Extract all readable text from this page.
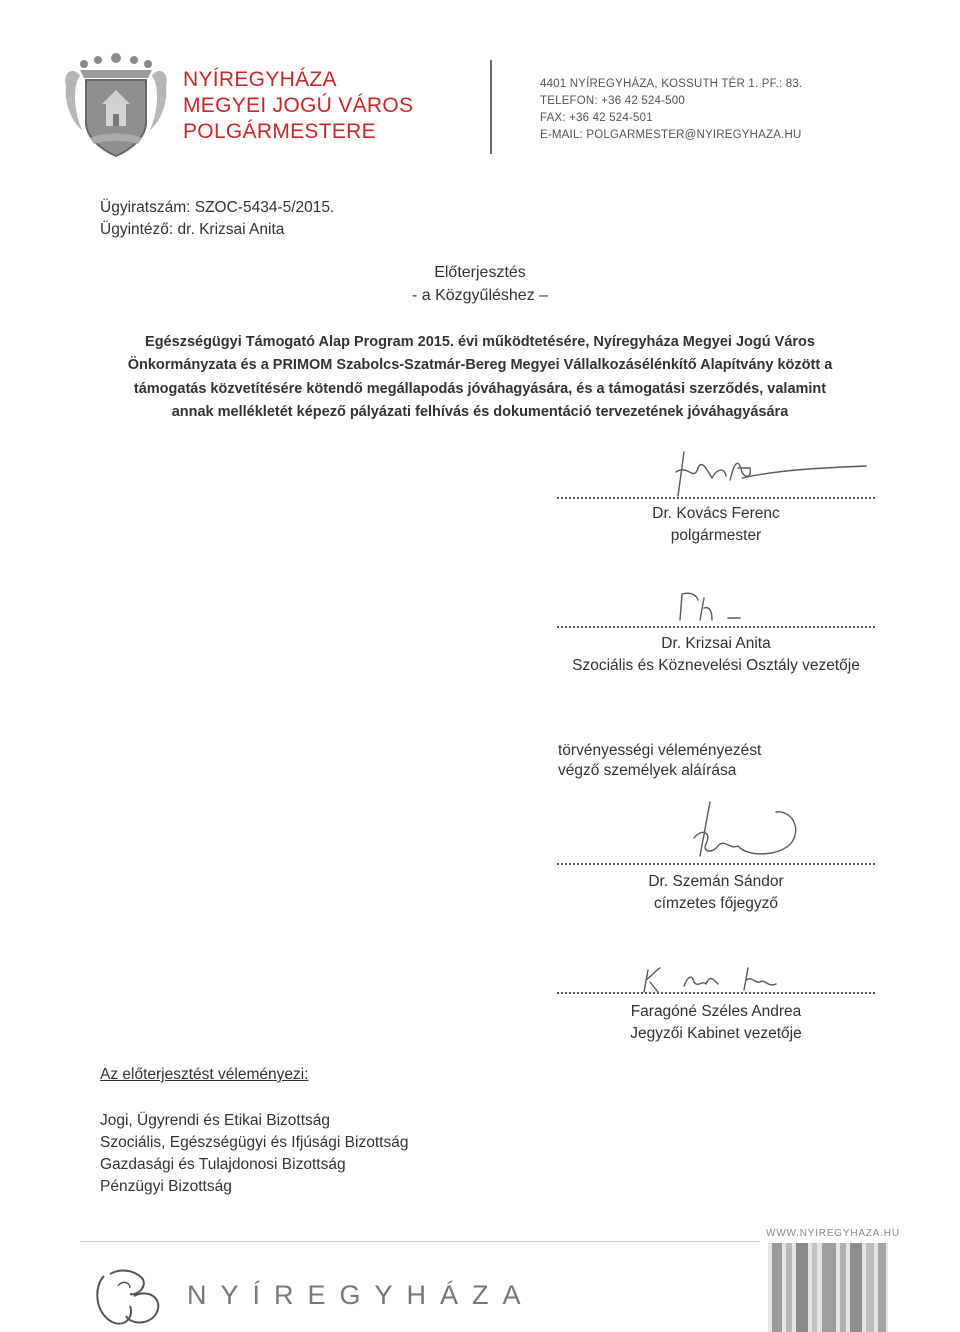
NYÍREGYHÁZA
MEGYEI JOGÚ VÁROS
POLGÁRMESTERE
4401 NYÍREGYHÁZA, KOSSUTH TÉR 1. PF.: 83.
TELEFON: +36 42 524-500
FAX: +36 42 524-501
E-MAIL: POLGARMESTER@NYIREGYHAZA.HU
Ügyiratszám: SZOC-5434-5/2015.
Ügyintéző: dr. Krizsai Anita
Előterjesztés
- a Közgyűléshez –
Egészségügyi Támogató Alap Program 2015. évi működtetésére, Nyíregyháza Megyei Jogú Város
Önkormányzata és a PRIMOM Szabolcs-Szatmár-Bereg Megyei Vállalkozásélénkítő Alapítvány között a
támogatás közvetítésére kötendő megállapodás jóváhagyására, és a támogatási szerződés, valamint
annak mellékletét képező pályázati felhívás és dokumentáció tervezetének jóváhagyására
Dr. Kovács Ferenc
polgármester
Dr. Krizsai Anita
Szociális és Köznevelési Osztály vezetője
törvényességi véleményezést
végző személyek aláírása
Dr. Szemán Sándor
címzetes főjegyző
Faragóné Széles Andrea
Jegyzői Kabinet vezetője
Az előterjesztést véleményezi:
Jogi, Ügyrendi és Etikai Bizottság
Szociális, Egészségügyi és Ifjúsági Bizottság
Gazdasági és Tulajdonosi Bizottság
Pénzügyi Bizottság
WWW.NYIREGYHAZA.HU
NYÍREGYHÁZA
